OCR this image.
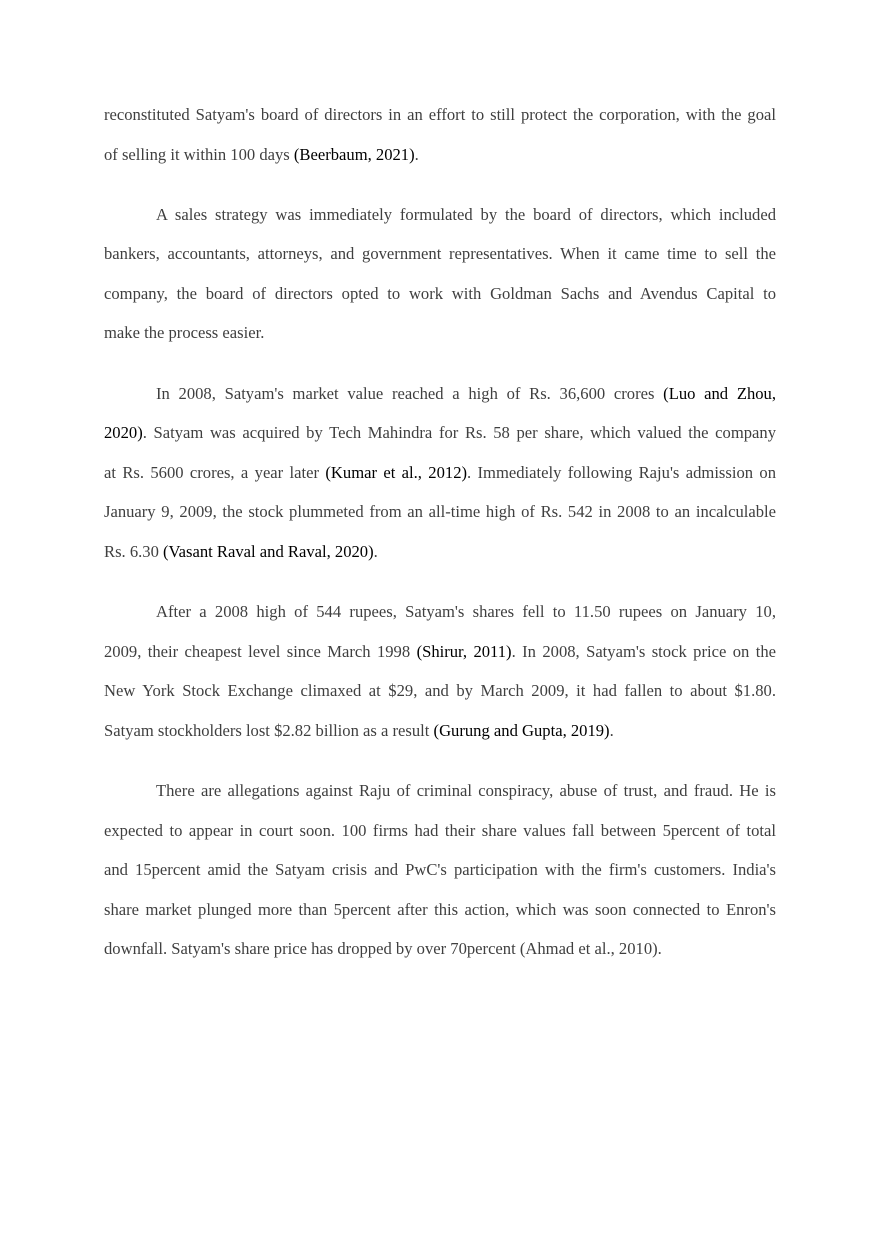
reconstituted Satyam's board of directors in an effort to still protect the corporation, with the goal
of selling it within 100 days (Beerbaum, 2021).
A sales strategy was immediately formulated by the board of directors, which included
bankers, accountants, attorneys, and government representatives. When it came time to sell the
company, the board of directors opted to work with Goldman Sachs and Avendus Capital to
make the process easier.
In 2008, Satyam's market value reached a high of Rs. 36,600 crores (Luo and Zhou,
2020). Satyam was acquired by Tech Mahindra for Rs. 58 per share, which valued the company
at Rs. 5600 crores, a year later (Kumar et al., 2012). Immediately following Raju's admission on
January 9, 2009, the stock plummeted from an all-time high of Rs. 542 in 2008 to an incalculable
Rs. 6.30 (Vasant Raval and Raval, 2020).
After a 2008 high of 544 rupees, Satyam's shares fell to 11.50 rupees on January 10,
2009, their cheapest level since March 1998 (Shirur, 2011). In 2008, Satyam's stock price on the
New York Stock Exchange climaxed at $29, and by March 2009, it had fallen to about $1.80.
Satyam stockholders lost $2.82 billion as a result (Gurung and Gupta, 2019).
There are allegations against Raju of criminal conspiracy, abuse of trust, and fraud. He is
expected to appear in court soon. 100 firms had their share values fall between 5percent of total
and 15percent amid the Satyam crisis and PwC's participation with the firm's customers. India's
share market plunged more than 5percent after this action, which was soon connected to Enron's
downfall. Satyam's share price has dropped by over 70percent (Ahmad et al., 2010).
